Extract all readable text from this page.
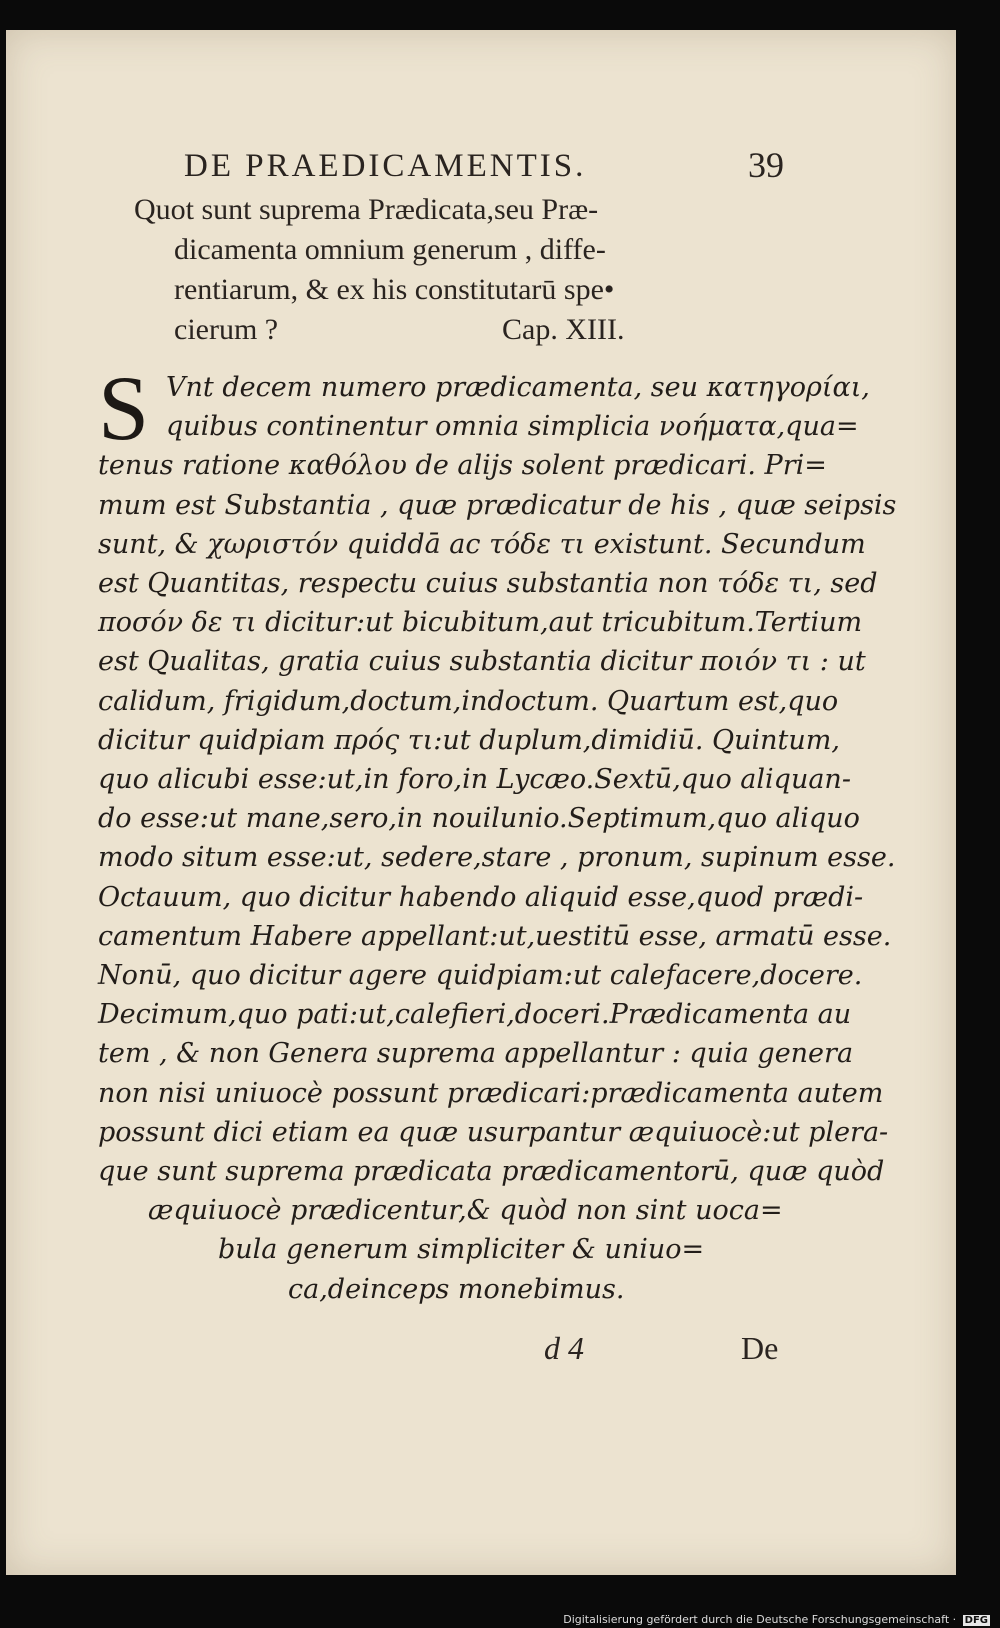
DE PRAEDICAMENTIS.	39
Quot sunt suprema Prædicata,seu Præ-
dicamenta omnium generum , diffe-
rentiarum, & ex his constitutarū spe•
cierum ?	Cap. XIII.
S Vnt decem numero prædicamenta, seu κατηγορίαι,
quibus continentur omnia simplicia νοήματα,qua=
tenus ratione καθόλου de alijs solent prædicari. Pri=
mum est Substantia , quæ prædicatur de his , quæ seipsis
sunt, & χωριστόν quiddā ac τόδε τι existunt. Secundum
est Quantitas, respectu cuius substantia non τόδε τι, sed
ποσόν δε τι dicitur:ut bicubitum,aut tricubitum.Tertium
est Qualitas, gratia cuius substantia dicitur ποιόν τι : ut
calidum, frigidum,doctum,indoctum. Quartum est,quo
dicitur quidpiam πρός τι:ut duplum,dimidiū. Quintum,
quo alicubi esse:ut,in foro,in Lycæo.Sextū,quo aliquan-
do esse:ut mane,sero,in nouilunio.Septimum,quo aliquo
modo situm esse:ut, sedere,stare , pronum, supinum esse.
Octauum, quo dicitur habendo aliquid esse,quod prædi-
camentum Habere appellant:ut,uestitū esse, armatū esse.
Nonū, quo dicitur agere quidpiam:ut calefacere,docere.
Decimum,quo pati:ut,calefieri,doceri.Prædicamenta au
tem , & non Genera suprema appellantur : quia genera
non nisi uniuocè possunt prædicari:prædicamenta autem
possunt dici etiam ea quæ usurpantur æquiuocè:ut plera-
que sunt suprema prædicata prædicamentorū, quæ quòd
æquiuocè prædicentur,& quòd non sint uoca=
bula generum simpliciter & uniuo=
ca,deinceps monebimus.
d 4	De
Digitalisierung gefördert durch die Deutsche Forschungsgemeinschaft · DFG
